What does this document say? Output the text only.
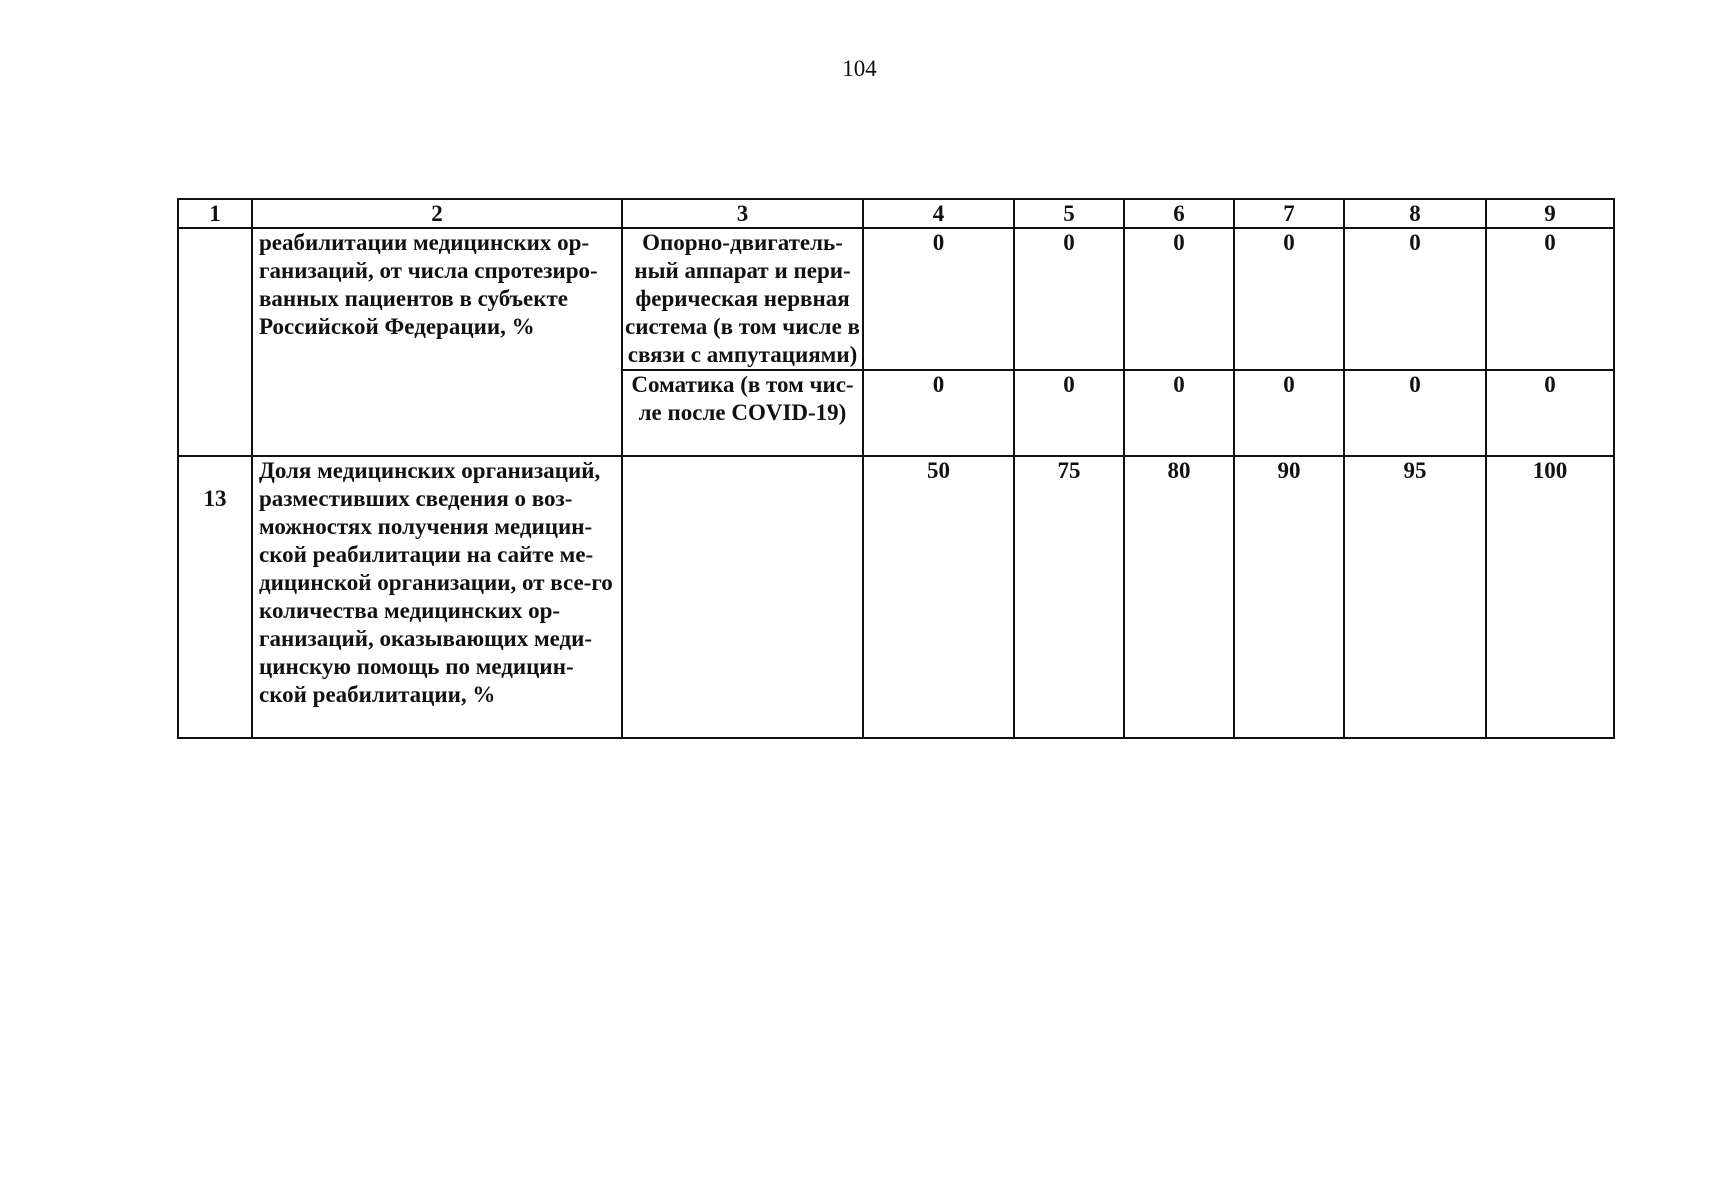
104
1	2	3	4	5	6	7	8	9
	реабилитации медицинских ор-ганизаций, от числа спротезиро-ванных пациентов в субъекте Российской Федерации, %	Опорно-двигатель-ный аппарат и пери-ферическая нервная система (в том числе в связи с ампутациями)	0	0	0	0	0	0
		Соматика (в том чис-ле после COVID-19)	0	0	0	0	0	0
13	Доля медицинских организаций, разместивших сведения о воз-можностях получения медицин-ской реабилитации на сайте ме-дицинской организации, от все-го количества медицинских ор-ганизаций, оказывающих меди-цинскую помощь по медицин-ской реабилитации, %		50	75	80	90	95	100
